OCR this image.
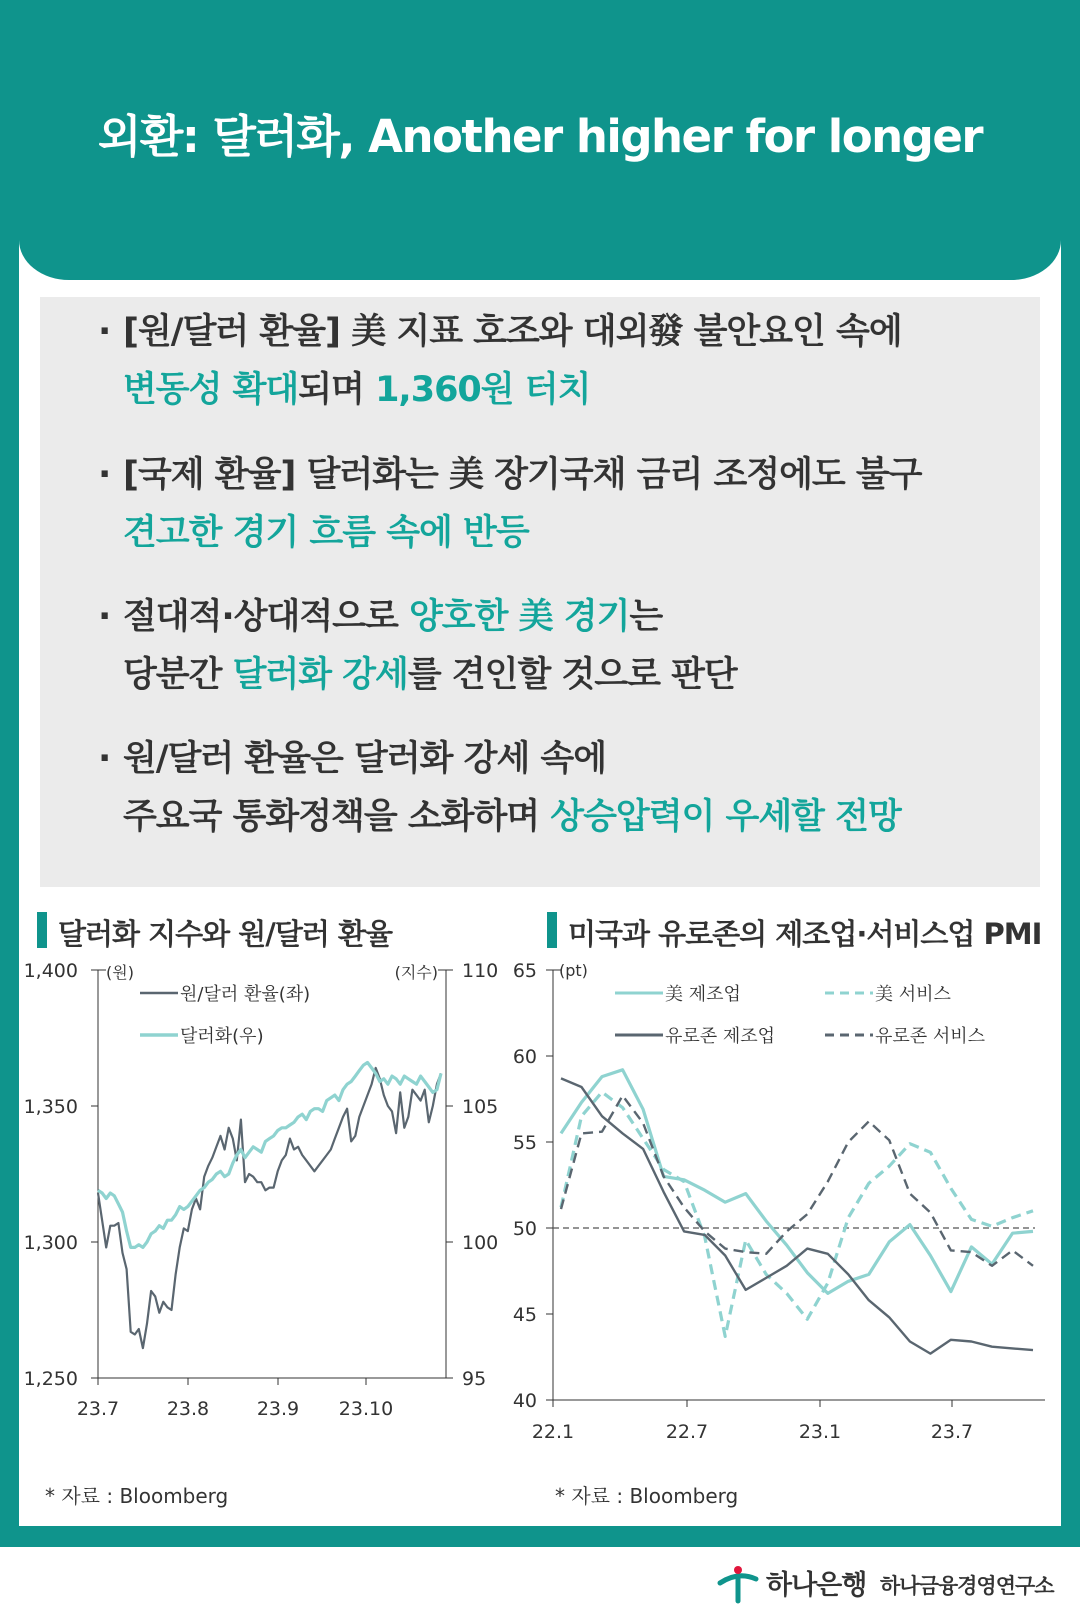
외환: 달러화, Another higher for longer
· [원/달러 환율] 美 지표 호조와 대외發 불안요인 속에
변동성 확대되며 1,360원 터치
· [국제 환율] 달러화는 美 장기국채 금리 조정에도 불구
견고한 경기 흐름 속에 반등
· 절대적·상대적으로 양호한 美 경기는
당분간 달러화 강세를 견인할 것으로 판단
· 원/달러 환율은 달러화 강세 속에
주요국 통화정책을 소화하며 상승압력이 우세할 전망
달러화 지수와 원/달러 환율
1,250
1,300
1,350
1,400
95
100
105
110
23.7	23.8	23.9 23.10
(원)	(지수)
원/달러 환율(좌)
달러화(우)
* 자료 : Bloomberg
미국과 유로존의 제조업·서비스업 PMI
40
45
50
55
60
65 (pt)
22.1	22.7	23.1	23.7
美 제조업	美 서비스
유로존 제조업	유로존 서비스
* 자료 : Bloomberg
하나은행 하나금융경영연구소
